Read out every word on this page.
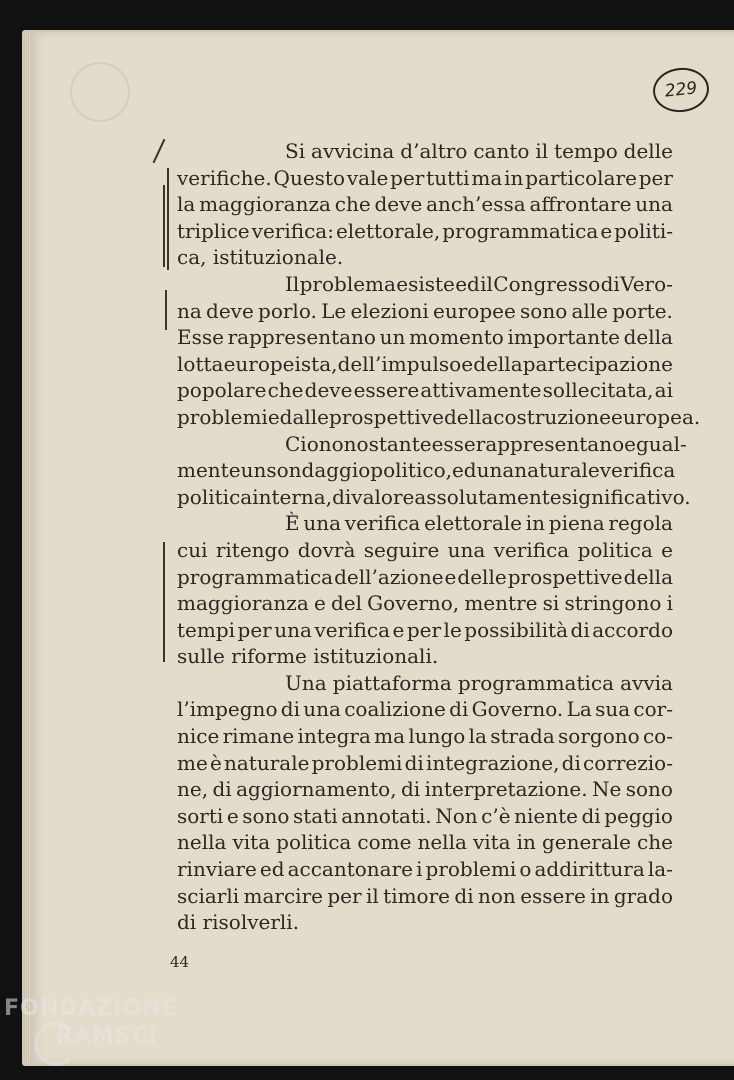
229
Si avvicina d’altro canto il tempo delle
verifiche. Questo vale per tutti ma in particolare per
la maggioranza che deve anch’essa affrontare una
triplice verifica: elettorale, programmatica e politi-
ca, istituzionale.
Il problema esiste ed il Congresso di Vero-
na deve porlo. Le elezioni europee sono alle porte.
Esse rappresentano un momento importante della
lotta europeista, dell’impulso e della partecipazione
popolare che deve essere attivamente sollecitata, ai
problemi ed alle prospettive della costruzione europea.
Ciononostante esse rappresentano egual-
mente un sondaggio politico, ed una naturale verifica
politica interna, di valore assolutamente significativo.
È una verifica elettorale in piena regola
cui ritengo dovrà seguire una verifica politica e
programmatica dell’azione e delle prospettive della
maggioranza e del Governo, mentre si stringono i
tempi per una verifica e per le possibilità di accordo
sulle riforme istituzionali.
Una piattaforma programmatica avvia
l’impegno di una coalizione di Governo. La sua cor-
nice rimane integra ma lungo la strada sorgono co-
me è naturale problemi di integrazione, di correzio-
ne, di aggiornamento, di interpretazione. Ne sono
sorti e sono stati annotati. Non c’è niente di peggio
nella vita politica come nella vita in generale che
rinviare ed accantonare i problemi o addirittura la-
sciarli marcire per il timore di non essere in grado
di risolverli.
44
FONDAZIONE
RAMSCI
